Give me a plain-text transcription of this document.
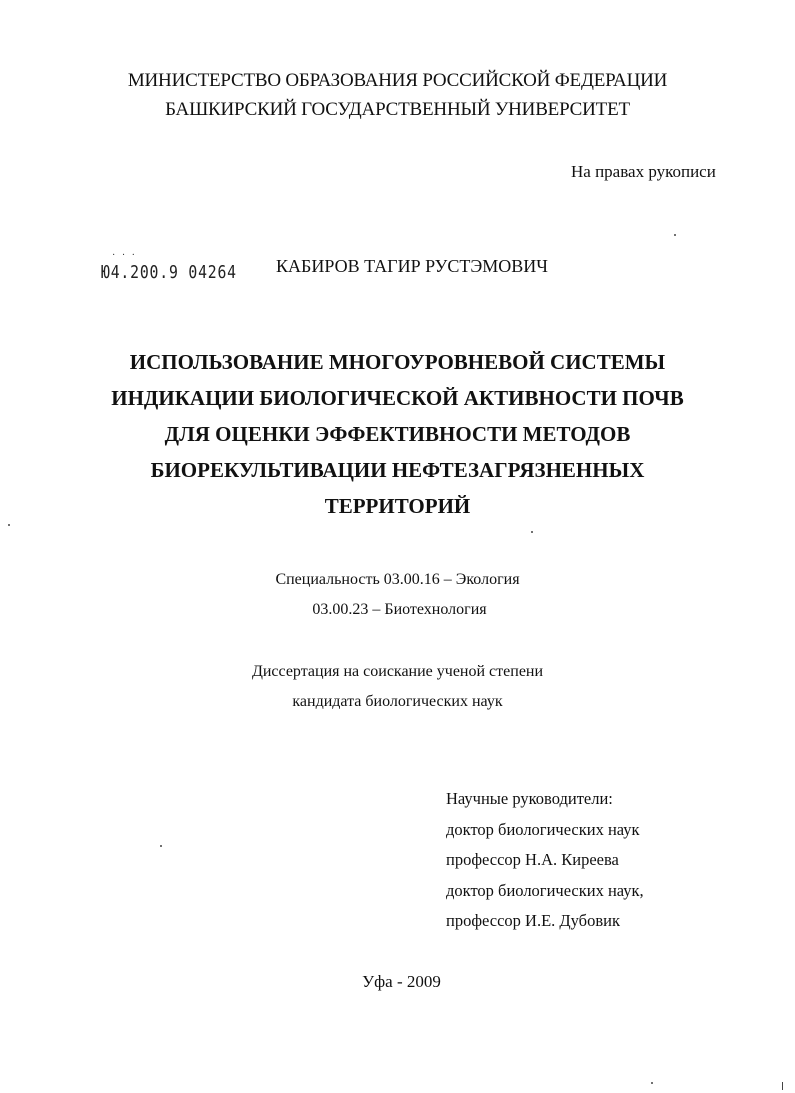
МИНИСТЕРСТВО ОБРАЗОВАНИЯ РОССИЙСКОЙ ФЕДЕРАЦИИ
БАШКИРСКИЙ ГОСУДАРСТВЕННЫЙ УНИВЕРСИТЕТ
На правах рукописи
· · ·
Ю4.200.9 04264 КАБИРОВ ТАГИР РУСТЭМОВИЧ
ИСПОЛЬЗОВАНИЕ МНОГОУРОВНЕВОЙ СИСТЕМЫ
ИНДИКАЦИИ БИОЛОГИЧЕСКОЙ АКТИВНОСТИ ПОЧВ
ДЛЯ ОЦЕНКИ ЭФФЕКТИВНОСТИ МЕТОДОВ
БИОРЕКУЛЬТИВАЦИИ НЕФТЕЗАГРЯЗНЕННЫХ
ТЕРРИТОРИЙ
Специальность 03.00.16 – Экология
03.00.23 – Биотехнология
Диссертация на соискание ученой степени
кандидата биологических наук
Научные руководители:
доктор биологических наук
профессор Н.А. Киреева
доктор биологических наук,
профессор И.Е. Дубовик
Уфа - 2009
